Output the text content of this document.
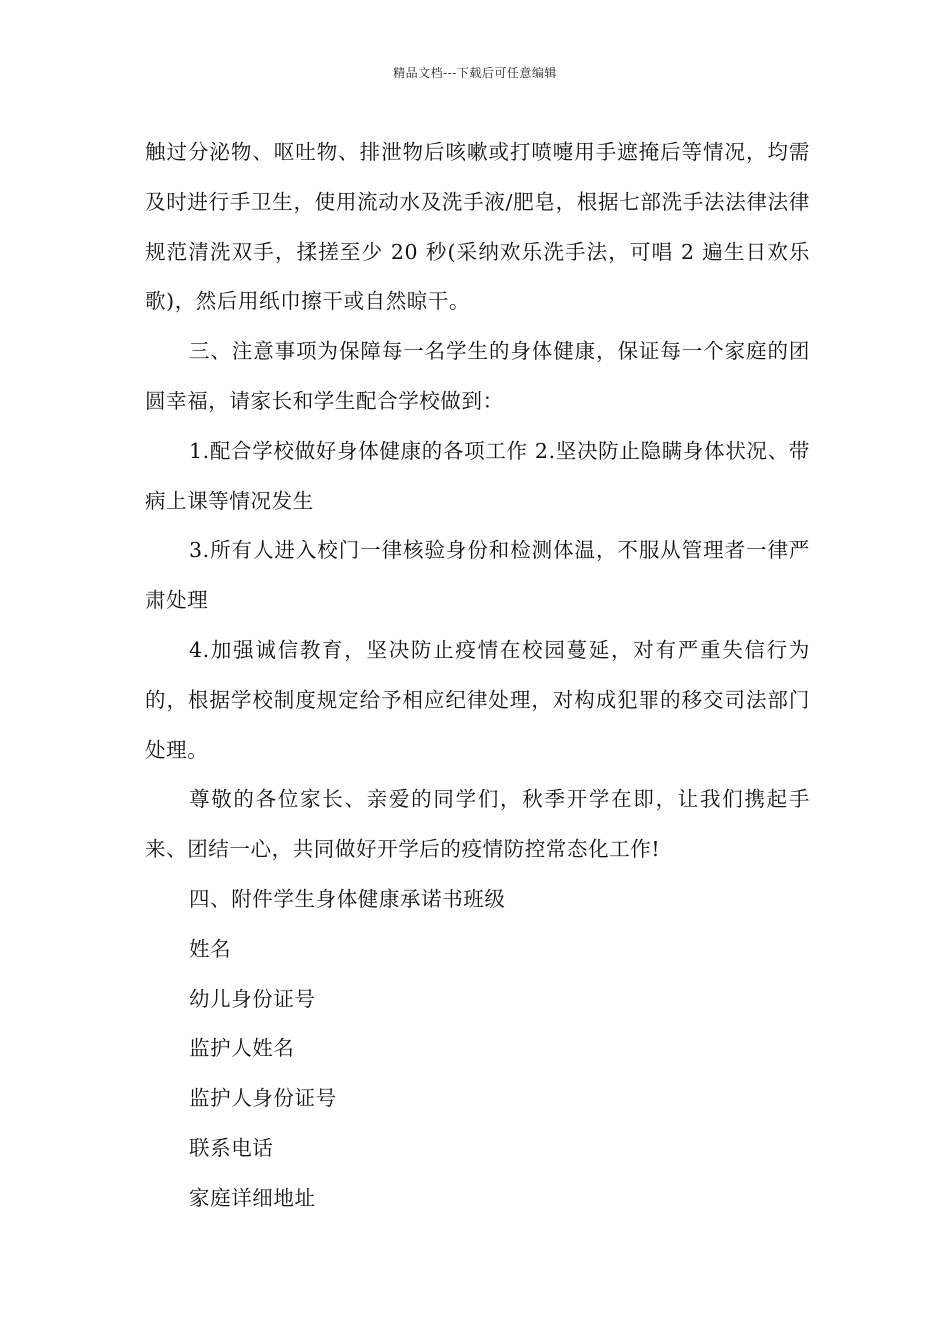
精品文档---下载后可任意编辑

触过分泌物、呕吐物、排泄物后咳嗽或打喷嚏用手遮掩后等情况，均需及时进行手卫生，使用流动水及洗手液/肥皂，根据七部洗手法法律法律规范清洗双手，揉搓至少 20 秒(采纳欢乐洗手法，可唱 2 遍生日欢乐歌)，然后用纸巾擦干或自然晾干。

三、注意事项为保障每一名学生的身体健康，保证每一个家庭的团圆幸福，请家长和学生配合学校做到：

1.配合学校做好身体健康的各项工作 2.坚决防止隐瞒身体状况、带病上课等情况发生

3.所有人进入校门一律核验身份和检测体温，不服从管理者一律严肃处理

4.加强诚信教育，坚决防止疫情在校园蔓延，对有严重失信行为的，根据学校制度规定给予相应纪律处理，对构成犯罪的移交司法部门处理。

尊敬的各位家长、亲爱的同学们，秋季开学在即，让我们携起手来、团结一心，共同做好开学后的疫情防控常态化工作!

四、附件学生身体健康承诺书班级

姓名

幼儿身份证号

监护人姓名

监护人身份证号

联系电话

家庭详细地址
